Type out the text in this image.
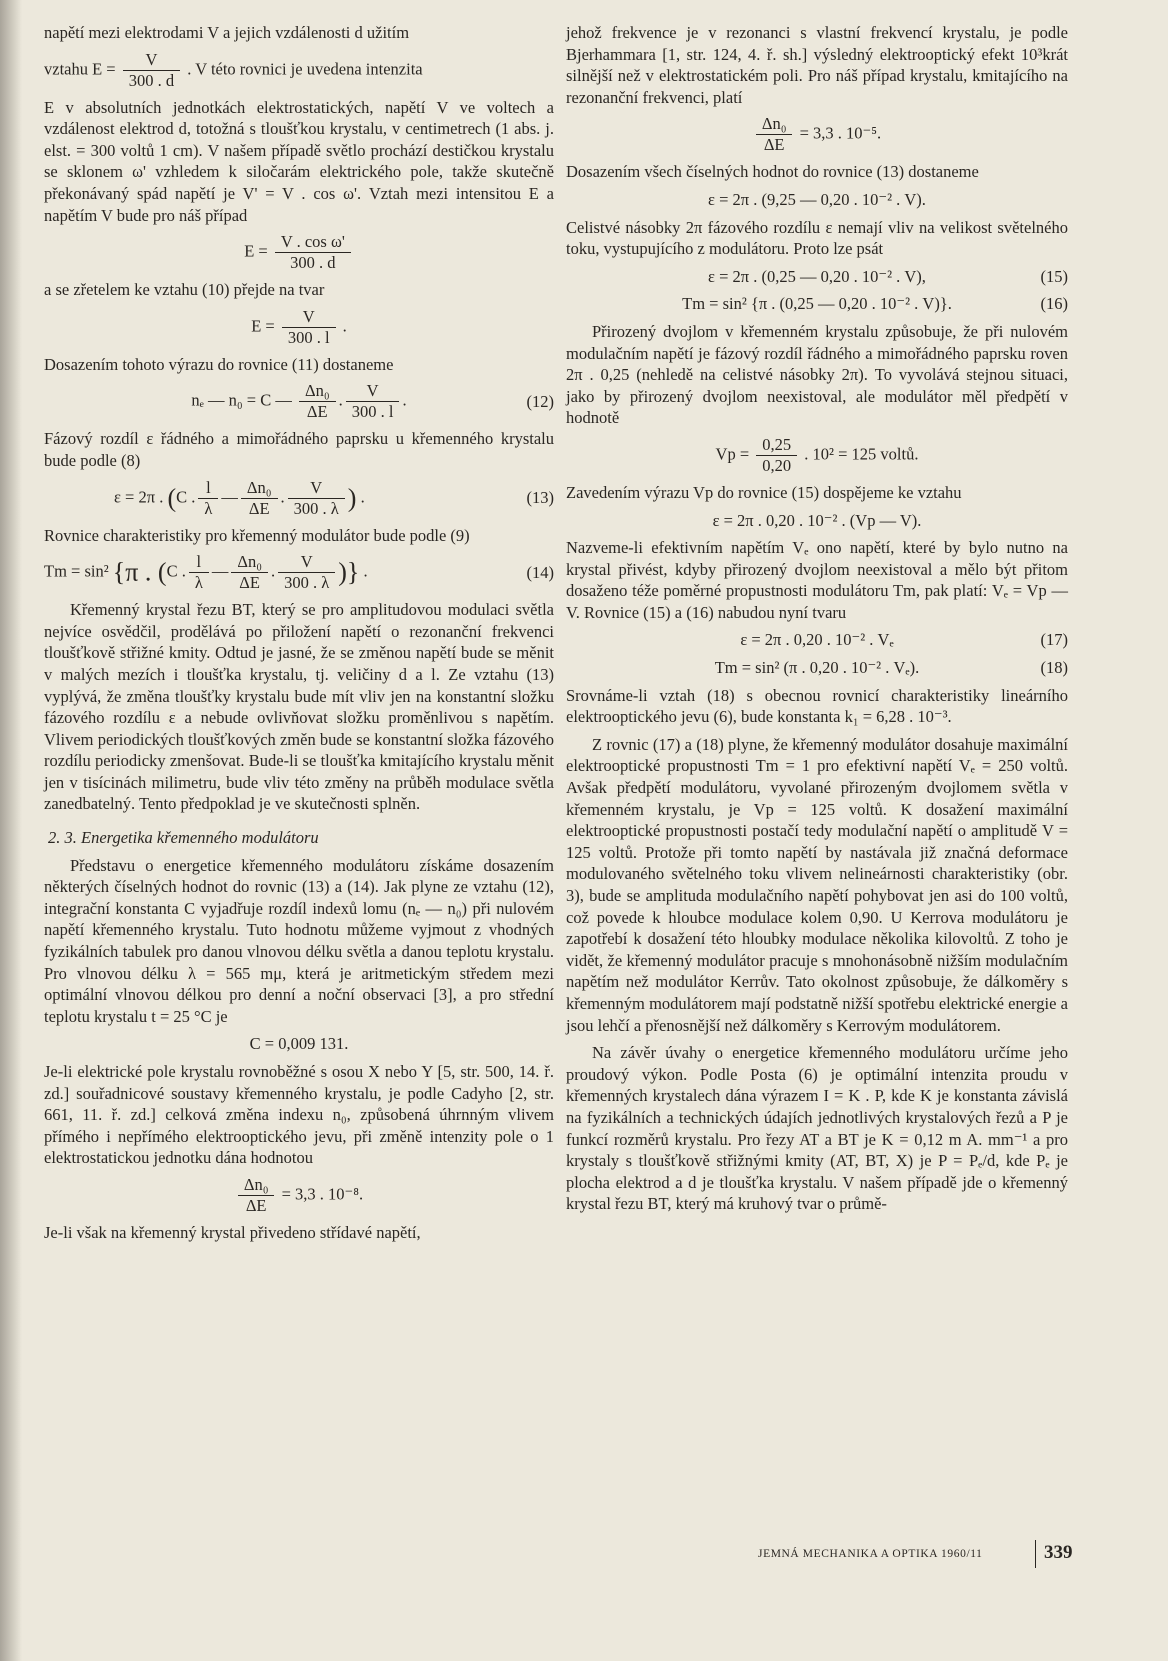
napětí mezi elektrodami V a jejich vzdálenosti d užitím

vztahu $E = \frac{V}{300 . d}$ . V této rovnici je uvedena intenzita

E v absolutních jednotkách elektrostatických, napětí V ve voltech a vzdálenost elektrod d, totožná s tloušťkou krystalu, v centimetrech (1 abs. j. elst. = 300 voltů 1 cm). V našem případě světlo prochází destičkou krystalu se sklonem ω' vzhledem k siločarám elektrického pole, takže skutečně překonávaný spád napětí je V' = V . cos ω'. Vztah mezi intensitou E a napětím V bude pro náš případ

$E = \frac{\text{V . cos ω'}}{300 . d}$

a se zřetelem ke vztahu (10) přejde na tvar

$E = \frac{V}{300 . l}$ .

Dosazením tohoto výrazu do rovnice (11) dostaneme

nₑ — n₀ = C — $\frac{\text{Δn₀}}{\Delta E}$ . $\frac{V}{300 . l}$ .	(12)

Fázový rozdíl ε řádného a mimořádného paprsku u křemenného krystalu bude podle (8)

ε = 2π . (C . $\frac{l}{\lambda}$ — $\frac{\text{Δn₀}}{\Delta E}$ . $\frac{V}{300 . \lambda}$ ) .	(13)

Rovnice charakteristiky pro křemenný modulátor bude podle (9)

Tm = sin² {π . (C . $\frac{l}{\lambda}$ — $\frac{\text{Δn₀}}{\Delta E}$ . $\frac{V}{300 . \lambda}$ )} .	(14)

Křemenný krystal řezu BT, který se pro amplitudovou modulaci světla nejvíce osvědčil, prodělává po přiložení napětí o rezonanční frekvenci tloušťkově střižné kmity. Odtud je jasné, že se změnou napětí bude se měnit v malých mezích i tloušťka krystalu, tj. veličiny d a l. Ze vztahu (13) vyplývá, že změna tloušťky krystalu bude mít vliv jen na konstantní složku fázového rozdílu ε a nebude ovlivňovat složku proměnlivou s napětím. Vlivem periodických tloušťkových změn bude se konstantní složka fázového rozdílu periodicky zmenšovat. Bude-li se tloušťka kmitajícího krystalu měnit jen v tisícinách milimetru, bude vliv této změny na průběh modulace světla zanedbatelný. Tento předpoklad je ve skutečnosti splněn.

2. 3. Energetika křemenného modulátoru

Představu o energetice křemenného modulátoru získáme dosazením některých číselných hodnot do rovnic (13) a (14). Jak plyne ze vztahu (12), integrační konstanta C vyjadřuje rozdíl indexů lomu (nₑ — n₀) při nulovém napětí křemenného krystalu. Tuto hodnotu můžeme vyjmout z vhodných fyzikálních tabulek pro danou vlnovou délku světla a danou teplotu krystalu. Pro vlnovou délku λ = 565 mμ, která je aritmetickým středem mezi optimální vlnovou délkou pro denní a noční observaci [3], a pro střední teplotu krystalu t = 25 °C je

C = 0,009 131.

Je-li elektrické pole krystalu rovnoběžné s osou X nebo Y [5, str. 500, 14. ř. zd.] souřadnicové soustavy křemenného krystalu, je podle Cadyho [2, str. 661, 11. ř. zd.] celková změna indexu n₀, způsobená úhrnným vlivem přímého i nepřímého elektrooptického jevu, při změně intenzity pole o 1 elektrostatickou jednotku dána hodnotou

$\frac{\text{Δn₀}}{\Delta E} = 3,3$ . 10⁻⁸.

Je-li však na křemenný krystal přivedeno střídavé napětí,

jehož frekvence je v rezonanci s vlastní frekvencí krystalu, je podle Bjerhammara [1, str. 124, 4. ř. sh.] výsledný elektrooptický efekt 10³krát silnější než v elektrostatickém poli. Pro náš případ krystalu, kmitajícího na rezonanční frekvenci, platí

$\frac{\text{Δn₀}}{\Delta E} = 3,3$ . 10⁻⁵.

Dosazením všech číselných hodnot do rovnice (13) dostaneme

ε = 2π . (9,25 — 0,20 . 10⁻² . V).

Celistvé násobky 2π fázového rozdílu ε nemají vliv na velikost světelného toku, vystupujícího z modulátoru. Proto lze psát

ε = 2π . (0,25 — 0,20 . 10⁻² . V),	(15)
Tm = sin² {π . (0,25 — 0,20 . 10⁻² . V)}.	(16)

Přirozený dvojlom v křemenném krystalu způsobuje, že při nulovém modulačním napětí je fázový rozdíl řádného a mimořádného paprsku roven 2π . 0,25 (nehledě na celistvé násobky 2π). To vyvolává stejnou situaci, jako by přirozený dvojlom neexistoval, ale modulátor měl předpětí v hodnotě

$Vp = \frac{0,25}{0,20}$ . 10² = 125 voltů.

Zavedením výrazu Vp do rovnice (15) dospějeme ke vztahu

ε = 2π . 0,20 . 10⁻² . (Vp — V).

Nazveme-li efektivním napětím Vₑ ono napětí, které by bylo nutno na krystal přivést, kdyby přirozený dvojlom neexistoval a mělo být přitom dosaženo téže poměrné propustnosti modulátoru Tm, pak platí: Vₑ = Vp — V. Rovnice (15) a (16) nabudou nyní tvaru

ε = 2π . 0,20 . 10⁻² . Vₑ	(17)
Tm = sin² (π . 0,20 . 10⁻² . Vₑ).	(18)

Srovnáme-li vztah (18) s obecnou rovnicí charakteristiky lineárního elektrooptického jevu (6), bude konstanta k₁ = 6,28 . 10⁻³.

Z rovnic (17) a (18) plyne, že křemenný modulátor dosahuje maximální elektrooptické propustnosti Tm = 1 pro efektivní napětí Vₑ = 250 voltů. Avšak předpětí modulátoru, vyvolané přirozeným dvojlomem světla v křemenném krystalu, je Vp = 125 voltů. K dosažení maximální elektrooptické propustnosti postačí tedy modulační napětí o amplitudě V = 125 voltů. Protože při tomto napětí by nastávala již značná deformace modulovaného světelného toku vlivem nelineárnosti charakteristiky (obr. 3), bude se amplituda modulačního napětí pohybovat jen asi do 100 voltů, což povede k hloubce modulace kolem 0,90. U Kerrova modulátoru je zapotřebí k dosažení této hloubky modulace několika kilovoltů. Z toho je vidět, že křemenný modulátor pracuje s mnohonásobně nižším modulačním napětím než modulátor Kerrův. Tato okolnost způsobuje, že dálkoměry s křemenným modulátorem mají podstatně nižší spotřebu elektrické energie a jsou lehčí a přenosnější než dálkoměry s Kerrovým modulátorem.

Na závěr úvahy o energetice křemenného modulátoru určíme jeho proudový výkon. Podle Posta (6) je optimální intenzita proudu v křemenných krystalech dána výrazem I = K . P, kde K je konstanta závislá na fyzikálních a technických údajích jednotlivých krystalových řezů a P je funkcí rozměrů krystalu. Pro řezy AT a BT je K = 0,12 m A. mm⁻¹ a pro krystaly s tloušťkově střižnými kmity (AT, BT, X) je P = Pₑ/d, kde Pₑ je plocha elektrod a d je tloušťka krystalu. V našem případě jde o křemenný krystal řezu BT, který má kruhový tvar o průmě-

JEMNÁ MECHANIKA A OPTIKA 1960/11	339
